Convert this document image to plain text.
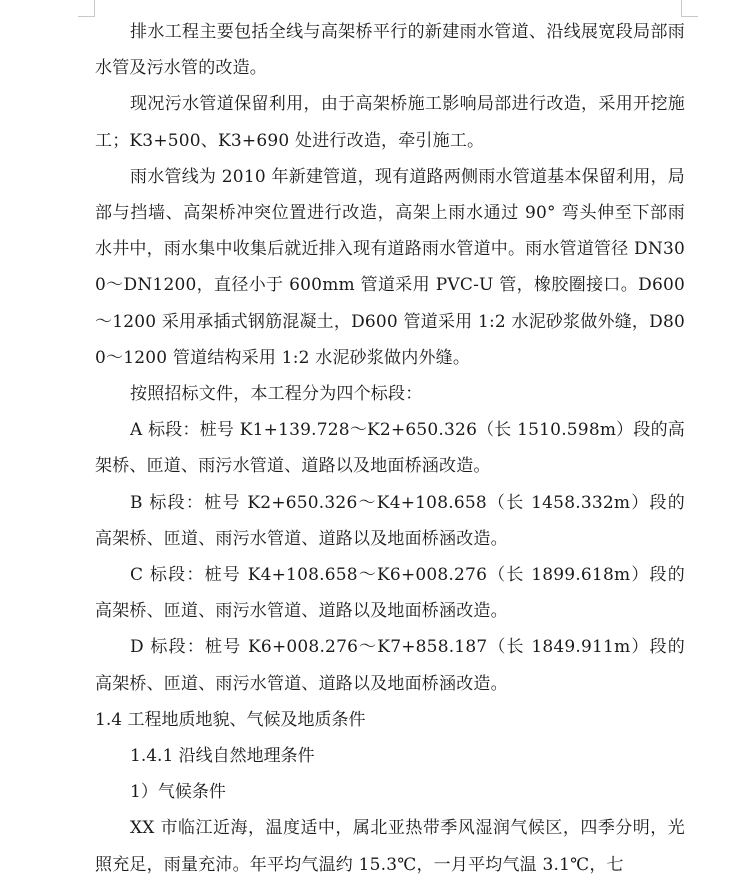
排水工程主要包括全线与高架桥平行的新建雨水管道、沿线展宽段局部雨水管及污水管的改造。

现况污水管道保留利用，由于高架桥施工影响局部进行改造，采用开挖施工；K3+500、K3+690 处进行改造，牵引施工。

雨水管线为 2010 年新建管道，现有道路两侧雨水管道基本保留利用，局部与挡墙、高架桥冲突位置进行改造，高架上雨水通过 90° 弯头伸至下部雨水井中，雨水集中收集后就近排入现有道路雨水管道中。雨水管道管径 DN300～DN1200，直径小于 600mm 管道采用 PVC-U 管，橡胶圈接口。D600～1200 采用承插式钢筋混凝土，D600 管道采用 1:2 水泥砂浆做外缝，D800～1200 管道结构采用 1:2 水泥砂浆做内外缝。

按照招标文件，本工程分为四个标段：

A 标段：桩号 K1+139.728～K2+650.326（长 1510.598m）段的高架桥、匝道、雨污水管道、道路以及地面桥涵改造。

B 标段：桩号 K2+650.326～K4+108.658（长 1458.332m）段的高架桥、匝道、雨污水管道、道路以及地面桥涵改造。

C 标段：桩号 K4+108.658～K6+008.276（长 1899.618m）段的高架桥、匝道、雨污水管道、道路以及地面桥涵改造。

D 标段：桩号 K6+008.276～K7+858.187（长 1849.911m）段的高架桥、匝道、雨污水管道、道路以及地面桥涵改造。

1.4 工程地质地貌、气候及地质条件

1.4.1 沿线自然地理条件

1）气候条件

XX 市临江近海，温度适中，属北亚热带季风湿润气候区，四季分明，光照充足，雨量充沛。年平均气温约 15.3℃，一月平均气温 3.1℃，七
